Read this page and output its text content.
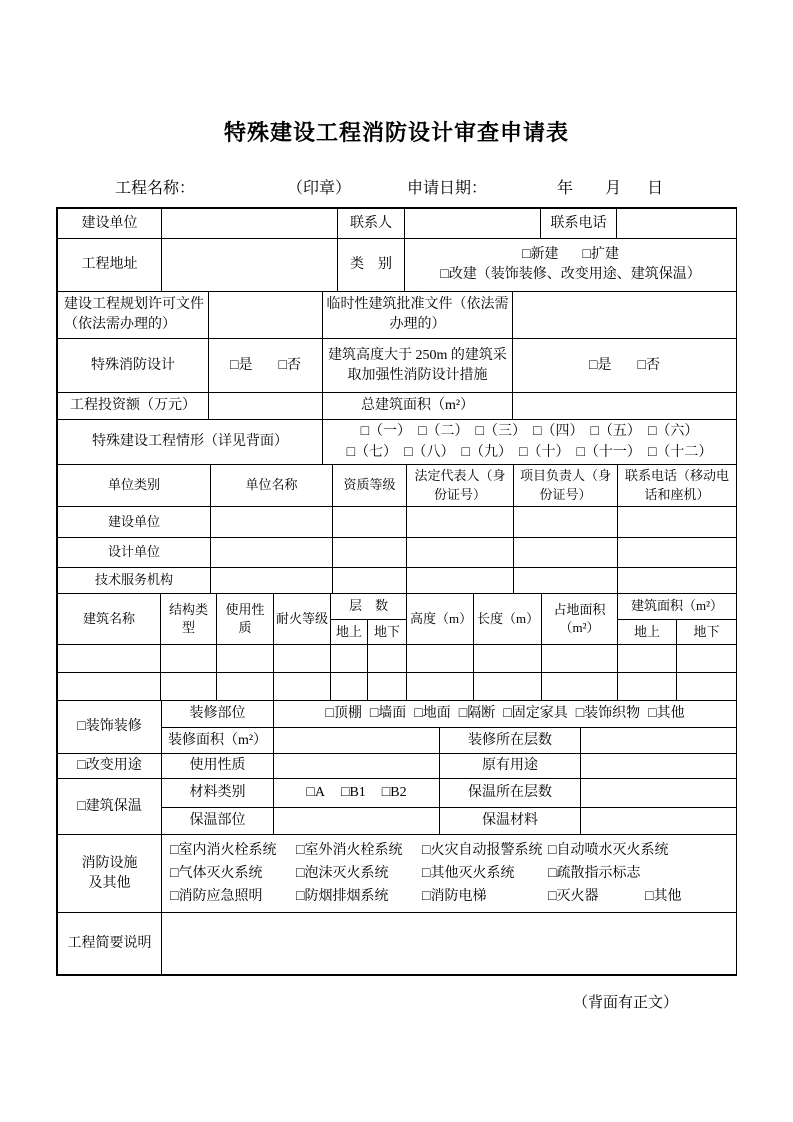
特殊建设工程消防设计审查申请表
工程名称：	（印章）	申请日期：	年 月 日
建设单位		联系人		联系电话	
工程地址		类　别	□新建 □扩建
□改建（装饰装修、改变用途、建筑保温）		
建设工程规划许可文件（依法需办理的）		临时性建筑批准文件（依法需办理的）	
特殊消防设计	□是 □否	建筑高度大于 250m 的建筑采取加强性消防设计措施	□是 □否

工程投资额（万元）		总建筑面积（m²）	
特殊建设工程情形（详见背面）	
□（一） □（二） □（三） □（四） □（五） □（六）
□（七） □（八） □（九） □（十） □（十一） □（十二）
单位类别	单位名称	资质等级	法定代表人（身份证号）	项目负责人（身份证号）	联系电话（移动电话和座机）
建设单位					
设计单位					
技术服务机构					
建筑名称	结构类型	使用性质	耐火等级	层　数		高度（m）	长度（m）	占地面积（m²）	建筑面积（m²）	
				地上	地下				地上	地下

□装饰装修	装修部位	□顶棚 □墙面 □地面 □隔断 □固定家具 □装饰织物 □其他

	装修面积（m²）		装修所在层数	
□改变用途	使用性质		原有用途	
□建筑保温	材料类别	□A □B1 □B2	保温所在层数	
	保温部位		保温材料	
消防设施
及其他

□室内消火栓系统	□室外消火栓系统	□火灾自动报警系统 □自动喷水灭火系统
□气体灭火系统	□泡沫灭火系统	□其他灭火系统	□疏散指示标志
□消防应急照明	□防烟排烟系统	□消防电梯	□灭火器	□其他
工程简要说明	
（背面有正文）
